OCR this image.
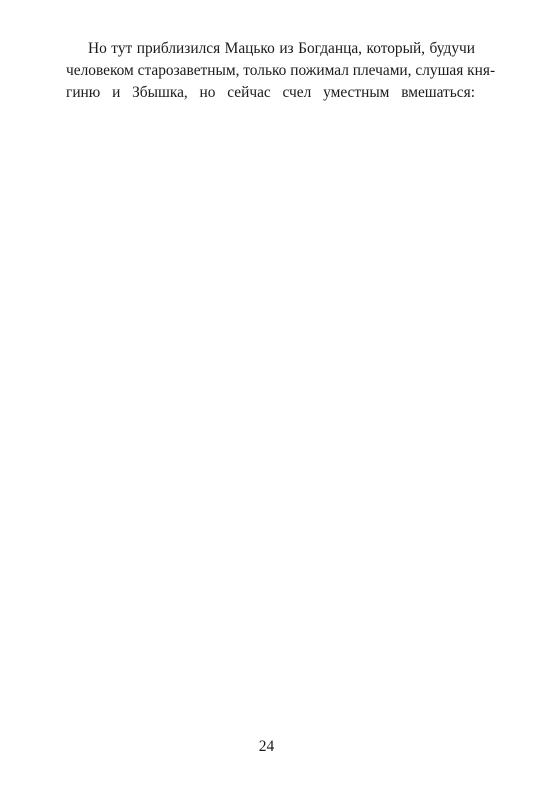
Но тут приблизился Мацько из Богданца, который, будучи
человеком старозаветным, только пожимал плечами, слушая кня-
гиню и Збышка, но сейчас счел уместным вмешаться:
24
